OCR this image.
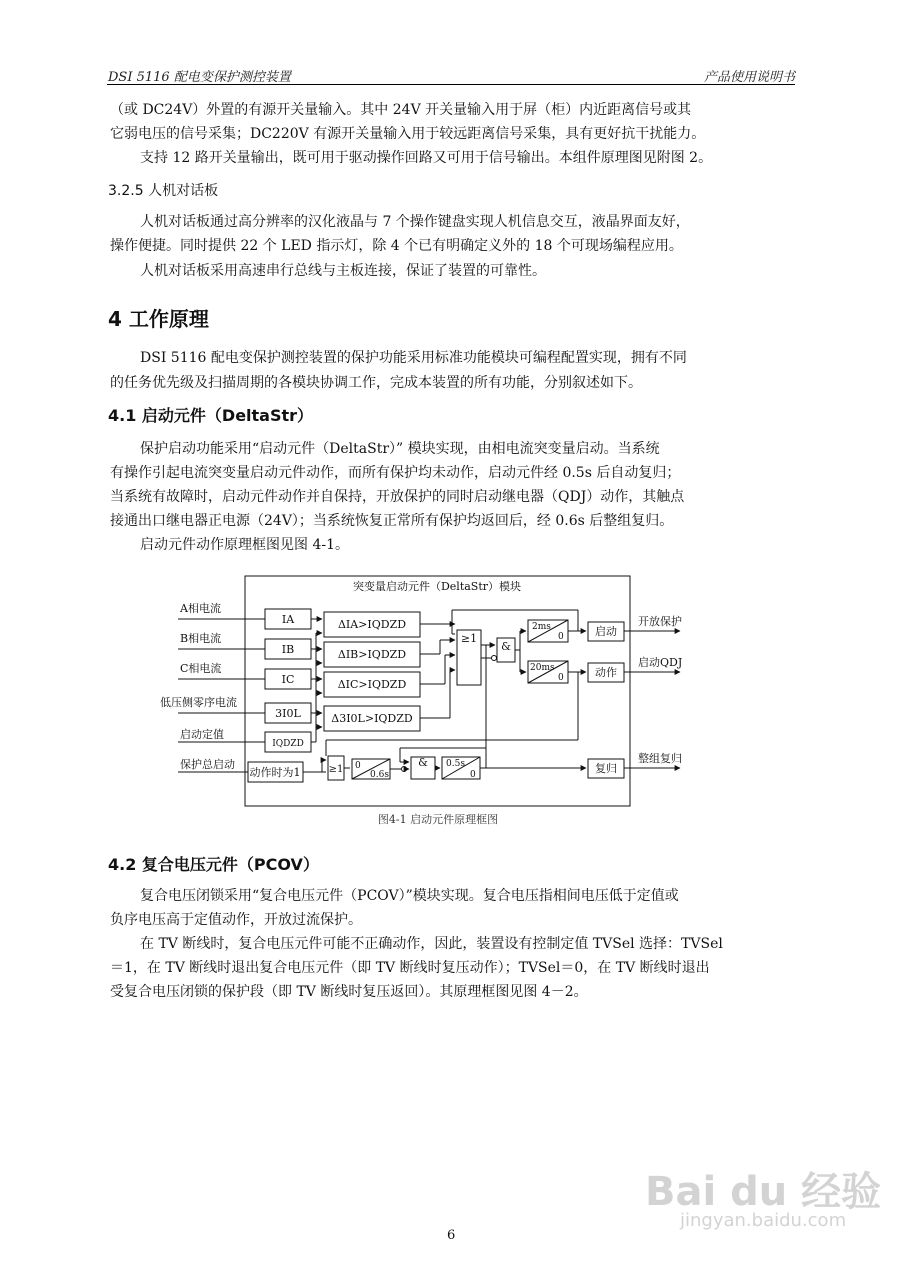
DSI 5116 配电变保护测控装置	产品使用说明书
（或 DC24V）外置的有源开关量输入。其中 24V 开关量输入用于屏（柜）内近距离信号或其
它弱电压的信号采集；DC220V 有源开关量输入用于较远距离信号采集，具有更好抗干扰能力。
支持 12 路开关量输出，既可用于驱动操作回路又可用于信号输出。本组件原理图见附图 2。
3.2.5 人机对话板
人机对话板通过高分辨率的汉化液晶与 7 个操作键盘实现人机信息交互，液晶界面友好，
操作便捷。同时提供 22 个 LED 指示灯，除 4 个已有明确定义外的 18 个可现场编程应用。
人机对话板采用高速串行总线与主板连接，保证了装置的可靠性。
4 工作原理
DSI 5116 配电变保护测控装置的保护功能采用标准功能模块可编程配置实现，拥有不同
的任务优先级及扫描周期的各模块协调工作，完成本装置的所有功能，分别叙述如下。
4.1 启动元件（DeltaStr）
保护启动功能采用“启动元件（DeltaStr）” 模块实现，由相电流突变量启动。当系统
有操作引起电流突变量启动元件动作，而所有保护均未动作，启动元件经 0.5s 后自动复归；
当系统有故障时，启动元件动作并自保持，开放保护的同时启动继电器（QDJ）动作，其触点
接通出口继电器正电源（24V）；当系统恢复正常所有保护均返回后，经 0.6s 后整组复归。
启动元件动作原理框图见图 4-1。
突变量启动元件（DeltaStr）模块
A相电流
B相电流
C相电流
低压侧零序电流
启动定值
保护总启动
IA
IB
IC
3I0L
IQDZD
ΔIA>IQDZD
ΔIB>IQDZD
ΔIC>IQDZD
Δ3I0L>IQDZD
≥1
&
2ms
0
20ms
0
启动
动作
复归
开放保护
启动QDJ
整组复归
动作时为1	≥1 0
0.6s
& 0.5s
0
图4-1 启动元件原理框图
4.2 复合电压元件（PCOV）
复合电压闭锁采用“复合电压元件（PCOV）”模块实现。复合电压指相间电压低于定值或
负序电压高于定值动作，开放过流保护。
在 TV 断线时，复合电压元件可能不正确动作，因此，装置设有控制定值 TVSel 选择：TVSel
＝1，在 TV 断线时退出复合电压元件（即 TV 断线时复压动作）；TVSel＝0，在 TV 断线时退出
受复合电压闭锁的保护段（即 TV 断线时复压返回）。其原理框图见图 4－2。
Bai du 经验
jingyan.baidu.com
6
